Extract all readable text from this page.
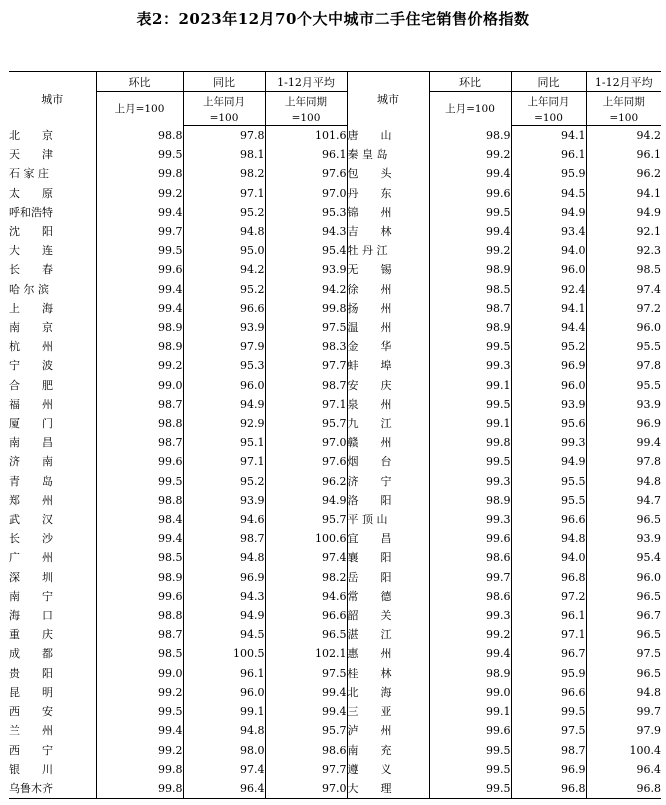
表2：2023年12月70个大中城市二手住宅销售价格指数
城市	环比	同比	1-12月平均	城市	环比	同比	1-12月平均
	上月=100	上年同月	上年同期		上月=100	上年同月	上年同期
		=100	=100			=100	=100
北　　京	98.8	97.8	101.6	唐　　山	98.9	94.1	94.2
天　　津	99.5	98.1	96.1	秦 皇 岛	99.2	96.1	96.1
石 家 庄	99.8	98.2	97.6	包　　头	99.4	95.9	96.2
太　　原	99.2	97.1	97.0	丹　　东	99.6	94.5	94.1
呼和浩特	99.4	95.2	95.3	锦　　州	99.5	94.9	94.9
沈　　阳	99.7	94.8	94.3	吉　　林	99.4	93.4	92.1
大　　连	99.5	95.0	95.4	牡 丹 江	99.2	94.0	92.3
长　　春	99.6	94.2	93.9	无　　锡	98.9	96.0	98.5
哈 尔 滨	99.4	95.2	94.2	徐　　州	98.5	92.4	97.4
上　　海	99.4	96.6	99.8	扬　　州	98.7	94.1	97.2
南　　京	98.9	93.9	97.5	温　　州	98.9	94.4	96.0
杭　　州	98.9	97.9	98.3	金　　华	99.5	95.2	95.5
宁　　波	99.2	95.3	97.7	蚌　　埠	99.3	96.9	97.8
合　　肥	99.0	96.0	98.7	安　　庆	99.1	96.0	95.5
福　　州	98.7	94.9	97.1	泉　　州	99.5	93.9	93.9
厦　　门	98.8	92.9	95.7	九　　江	99.1	95.6	96.9
南　　昌	98.7	95.1	97.0	赣　　州	99.8	99.3	99.4
济　　南	99.6	97.1	97.6	烟　　台	99.5	94.9	97.8
青　　岛	99.5	95.2	96.2	济　　宁	99.3	95.5	94.8
郑　　州	98.8	93.9	94.9	洛　　阳	98.9	95.5	94.7
武　　汉	98.4	94.6	95.7	平 顶 山	99.3	96.6	96.5
长　　沙	99.4	98.7	100.6	宜　　昌	99.6	94.8	93.9
广　　州	98.5	94.8	97.4	襄　　阳	98.6	94.0	95.4
深　　圳	98.9	96.9	98.2	岳　　阳	99.7	96.8	96.0
南　　宁	99.6	94.3	94.6	常　　德	98.6	97.2	96.5
海　　口	98.8	94.9	96.6	韶　　关	99.3	96.1	96.7
重　　庆	98.7	94.5	96.5	湛　　江	99.2	97.1	96.5
成　　都	98.5	100.5	102.1	惠　　州	99.4	96.7	97.5
贵　　阳	99.0	96.1	97.5	桂　　林	98.9	95.9	96.5
昆　　明	99.2	96.0	99.4	北　　海	99.0	96.6	94.8
西　　安	99.5	99.1	99.4	三　　亚	99.1	99.5	99.7
兰　　州	99.4	94.8	95.7	泸　　州	99.6	97.5	97.9
西　　宁	99.2	98.0	98.6	南　　充	99.5	98.7	100.4
银　　川	99.8	97.4	97.7	遵　　义	99.5	96.9	96.4
乌鲁木齐	99.8	96.4	97.0	大　　理	99.5	96.8	96.8
